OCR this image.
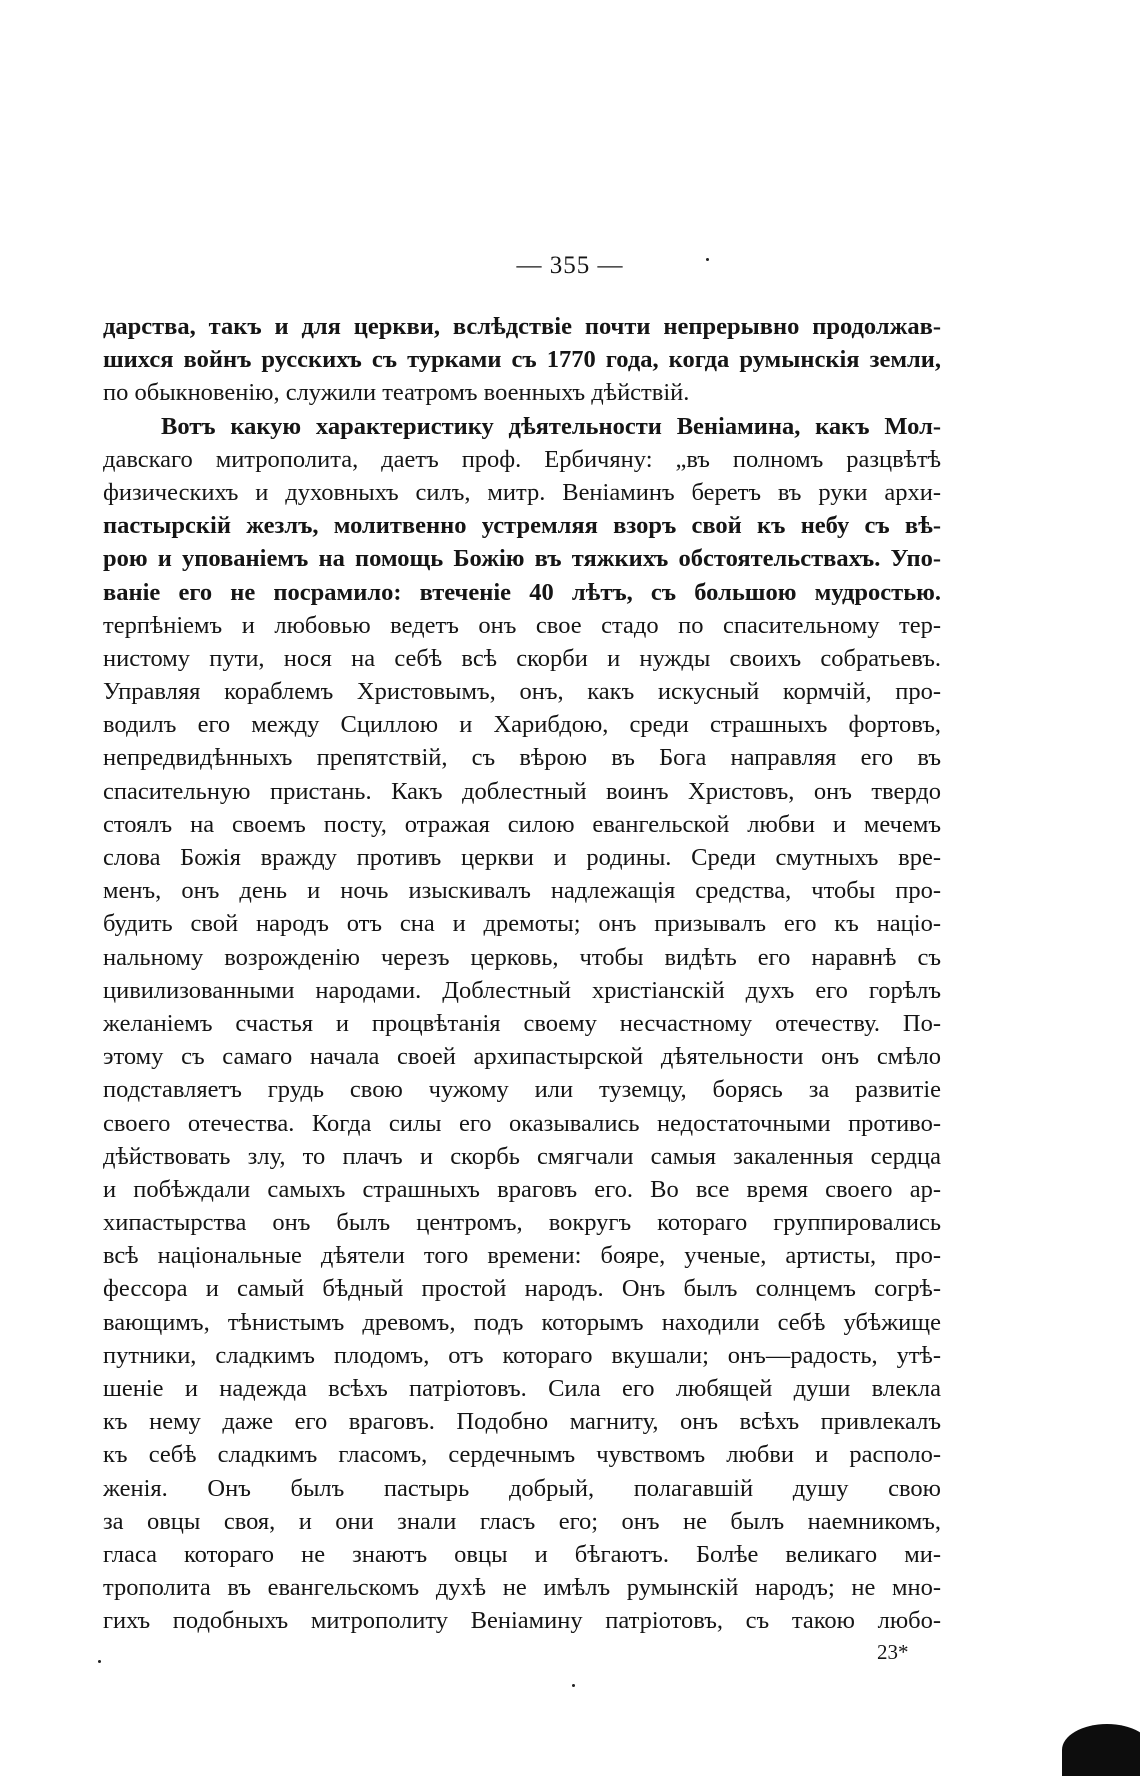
— 355 —
дарства, такъ и для церкви, вслѣдствіе почти непрерывно продолжав-
шихся войнъ русскихъ съ турками съ 1770 года, когда румынскія земли,
по обыкновенію, служили театромъ военныхъ дѣйствій.
Вотъ какую характеристику дѣятельности Веніамина, какъ Мол-
давскаго митрополита, даетъ проф. Ербичяну: „въ полномъ разцвѣтѣ
физическихъ и духовныхъ силъ, митр. Веніаминъ беретъ въ руки архи-
пастырскій жезлъ, молитвенно устремляя взоръ свой къ небу съ вѣ-
рою и упованіемъ на помощь Божію въ тяжкихъ обстоятельствахъ. Упо-
ваніе его не посрамило: втеченіе 40 лѣтъ, съ большою мудростью.
терпѣніемъ и любовью ведетъ онъ свое стадо по спасительному тер-
нистому пути, нося на себѣ всѣ скорби и нужды своихъ собратьевъ.
Управляя кораблемъ Христовымъ, онъ, какъ искусный кормчій, про-
водилъ его между Сциллою и Харибдою, среди страшныхъ фортовъ,
непредвидѣнныхъ препятствій, съ вѣрою въ Бога направляя его въ
спасительную пристань. Какъ доблестный воинъ Христовъ, онъ твердо
стоялъ на своемъ посту, отражая силою евангельской любви и мечемъ
слова Божія вражду противъ церкви и родины. Среди смутныхъ вре-
менъ, онъ день и ночь изыскивалъ надлежащія средства, чтобы про-
будить свой народъ отъ сна и дремоты; онъ призывалъ его къ націо-
нальному возрожденію черезъ церковь, чтобы видѣть его наравнѣ съ
цивилизованными народами. Доблестный христіанскій духъ его горѣлъ
желаніемъ счастья и процвѣтанія своему несчастному отечеству. По-
этому съ самаго начала своей архипастырской дѣятельности онъ смѣло
подставляетъ грудь свою чужому или туземцу, борясь за развитіе
своего отечества. Когда силы его оказывались недостаточными противо-
дѣйствовать злу, то плачъ и скорбь смягчали самыя закаленныя сердца
и побѣждали самыхъ страшныхъ враговъ его. Во все время своего ар-
хипастырства онъ былъ центромъ, вокругъ котораго группировались
всѣ національные дѣятели того времени: бояре, ученые, артисты, про-
фессора и самый бѣдный простой народъ. Онъ былъ солнцемъ согрѣ-
вающимъ, тѣнистымъ древомъ, подъ которымъ находили себѣ убѣжище
путники, сладкимъ плодомъ, отъ котораго вкушали; онъ—радость, утѣ-
шеніе и надежда всѣхъ патріотовъ. Сила его любящей души влекла
къ нему даже его враговъ. Подобно магниту, онъ всѣхъ привлекалъ
къ себѣ сладкимъ гласомъ, сердечнымъ чувствомъ любви и располо-
женія. Онъ былъ пастырь добрый, полагавшій душу свою
за овцы своя, и они знали гласъ его; онъ не былъ наемникомъ,
гласа котораго не знаютъ овцы и бѣгаютъ. Болѣе великаго ми-
трополита въ евангельскомъ духѣ не имѣлъ румынскій народъ; не мно-
гихъ подобныхъ митрополиту Веніамину патріотовъ, съ такою любо-
23*
